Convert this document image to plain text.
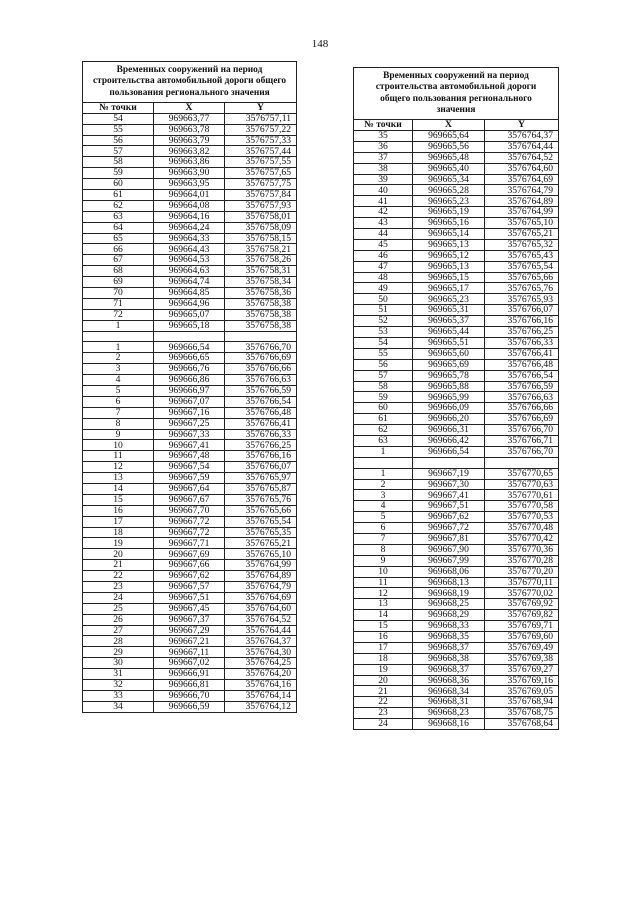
148
Временных сооружений на период строительства автомобильной дороги общего пользования регионального значения		
№ точки	X	Y
54	969663,77	3576757,11
55	969663,78	3576757,22
56	969663,79	3576757,33
57	969663,82	3576757,44
58	969663,86	3576757,55
59	969663,90	3576757,65
60	969663,95	3576757,75
61	969664,01	3576757,84
62	969664,08	3576757,93
63	969664,16	3576758,01
64	969664,24	3576758,09
65	969664,33	3576758,15
66	969664,43	3576758,21
67	969664,53	3576758,26
68	969664,63	3576758,31
69	969664,74	3576758,34
70	969664,85	3576758,36
71	969664,96	3576758,38
72	969665,07	3576758,38
1	969665,18	3576758,38

1	969666,54	3576766,70
2	969666,65	3576766,69
3	969666,76	3576766,66
4	969666,86	3576766,63
5	969666,97	3576766,59
6	969667,07	3576766,54
7	969667,16	3576766,48
8	969667,25	3576766,41
9	969667,33	3576766,33
10	969667,41	3576766,25
11	969667,48	3576766,16
12	969667,54	3576766,07
13	969667,59	3576765,97
14	969667,64	3576765,87
15	969667,67	3576765,76
16	969667,70	3576765,66
17	969667,72	3576765,54
18	969667,72	3576765,35
19	969667,71	3576765,21
20	969667,69	3576765,10
21	969667,66	3576764,99
22	969667,62	3576764,89
23	969667,57	3576764,79
24	969667,51	3576764,69
25	969667,45	3576764,60
26	969667,37	3576764,52
27	969667,29	3576764,44
28	969667,21	3576764,37
29	969667,11	3576764,30
30	969667,02	3576764,25
31	969666,91	3576764,20
32	969666,81	3576764,16
33	969666,70	3576764,14
34	969666,59	3576764,12
Временных сооружений на период строительства автомобильной дороги общего пользования регионального значения		
№ точки	X	Y
35	969665,64	3576764,37
36	969665,56	3576764,44
37	969665,48	3576764,52
38	969665,40	3576764,60
39	969665,34	3576764,69
40	969665,28	3576764,79
41	969665,23	3576764,89
42	969665,19	3576764,99
43	969665,16	3576765,10
44	969665,14	3576765,21
45	969665,13	3576765,32
46	969665,12	3576765,43
47	969665,13	3576765,54
48	969665,15	3576765,66
49	969665,17	3576765,76
50	969665,23	3576765,93
51	969665,31	3576766,07
52	969665,37	3576766,16
53	969665,44	3576766,25
54	969665,51	3576766,33
55	969665,60	3576766,41
56	969665,69	3576766,48
57	969665,78	3576766,54
58	969665,88	3576766,59
59	969665,99	3576766,63
60	969666,09	3576766,66
61	969666,20	3576766,69
62	969666,31	3576766,70
63	969666,42	3576766,71
1	969666,54	3576766,70

1	969667,19	3576770,65
2	969667,30	3576770,63
3	969667,41	3576770,61
4	969667,51	3576770,58
5	969667,62	3576770,53
6	969667,72	3576770,48
7	969667,81	3576770,42
8	969667,90	3576770,36
9	969667,99	3576770,28
10	969668,06	3576770,20
11	969668,13	3576770,11
12	969668,19	3576770,02
13	969668,25	3576769,92
14	969668,29	3576769,82
15	969668,33	3576769,71
16	969668,35	3576769,60
17	969668,37	3576769,49
18	969668,38	3576769,38
19	969668,37	3576769,27
20	969668,36	3576769,16
21	969668,34	3576769,05
22	969668,31	3576768,94
23	969668,23	3576768,75
24	969668,16	3576768,64
